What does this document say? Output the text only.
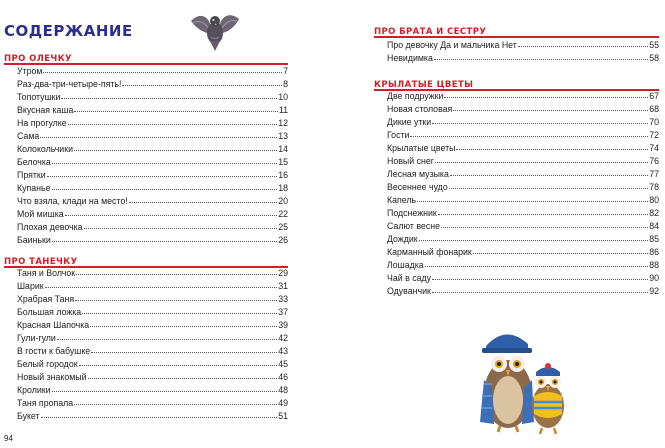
СОДЕРЖАНИЕ
ПРО ОЛЕЧКУ
Утром	7
Раз-два-три-четыре-пять!	8
Топотушки	10
Вкусная каша	11
На прогулке	12
Сама	13
Колокольчики	14
Белочка	15
Прятки	16
Купанье	18
Что взяла, клади на место!	20
Мой мишка	22
Плохая девочка	25
Баиньки	26
ПРО ТАНЕЧКУ
Таня и Волчок	29
Шарик	31
Храбрая Таня	33
Большая ложка	37
Красная Шапочка	39
Гули-гули	42
В гости к бабушке	43
Белый городок	45
Новый знакомый	46
Кролики	48
Таня пропала	49
Букет	51
ПРО БРАТА И СЕСТРУ
Про девочку Да и мальчика Нет	55
Невидимка	58
КРЫЛАТЫЕ ЦВЕТЫ
Две подружки	67
Новая столовая	68
Дикие утки	70
Гости	72
Крылатые цветы	74
Новый снег	76
Лесная музыка	77
Весеннее чудо	78
Капель	80
Подснежник	82
Салют весне	84
Дождик	85
Карманный фонарик	86
Лошадка	88
Чай в саду	90
Одуванчик	92
94
